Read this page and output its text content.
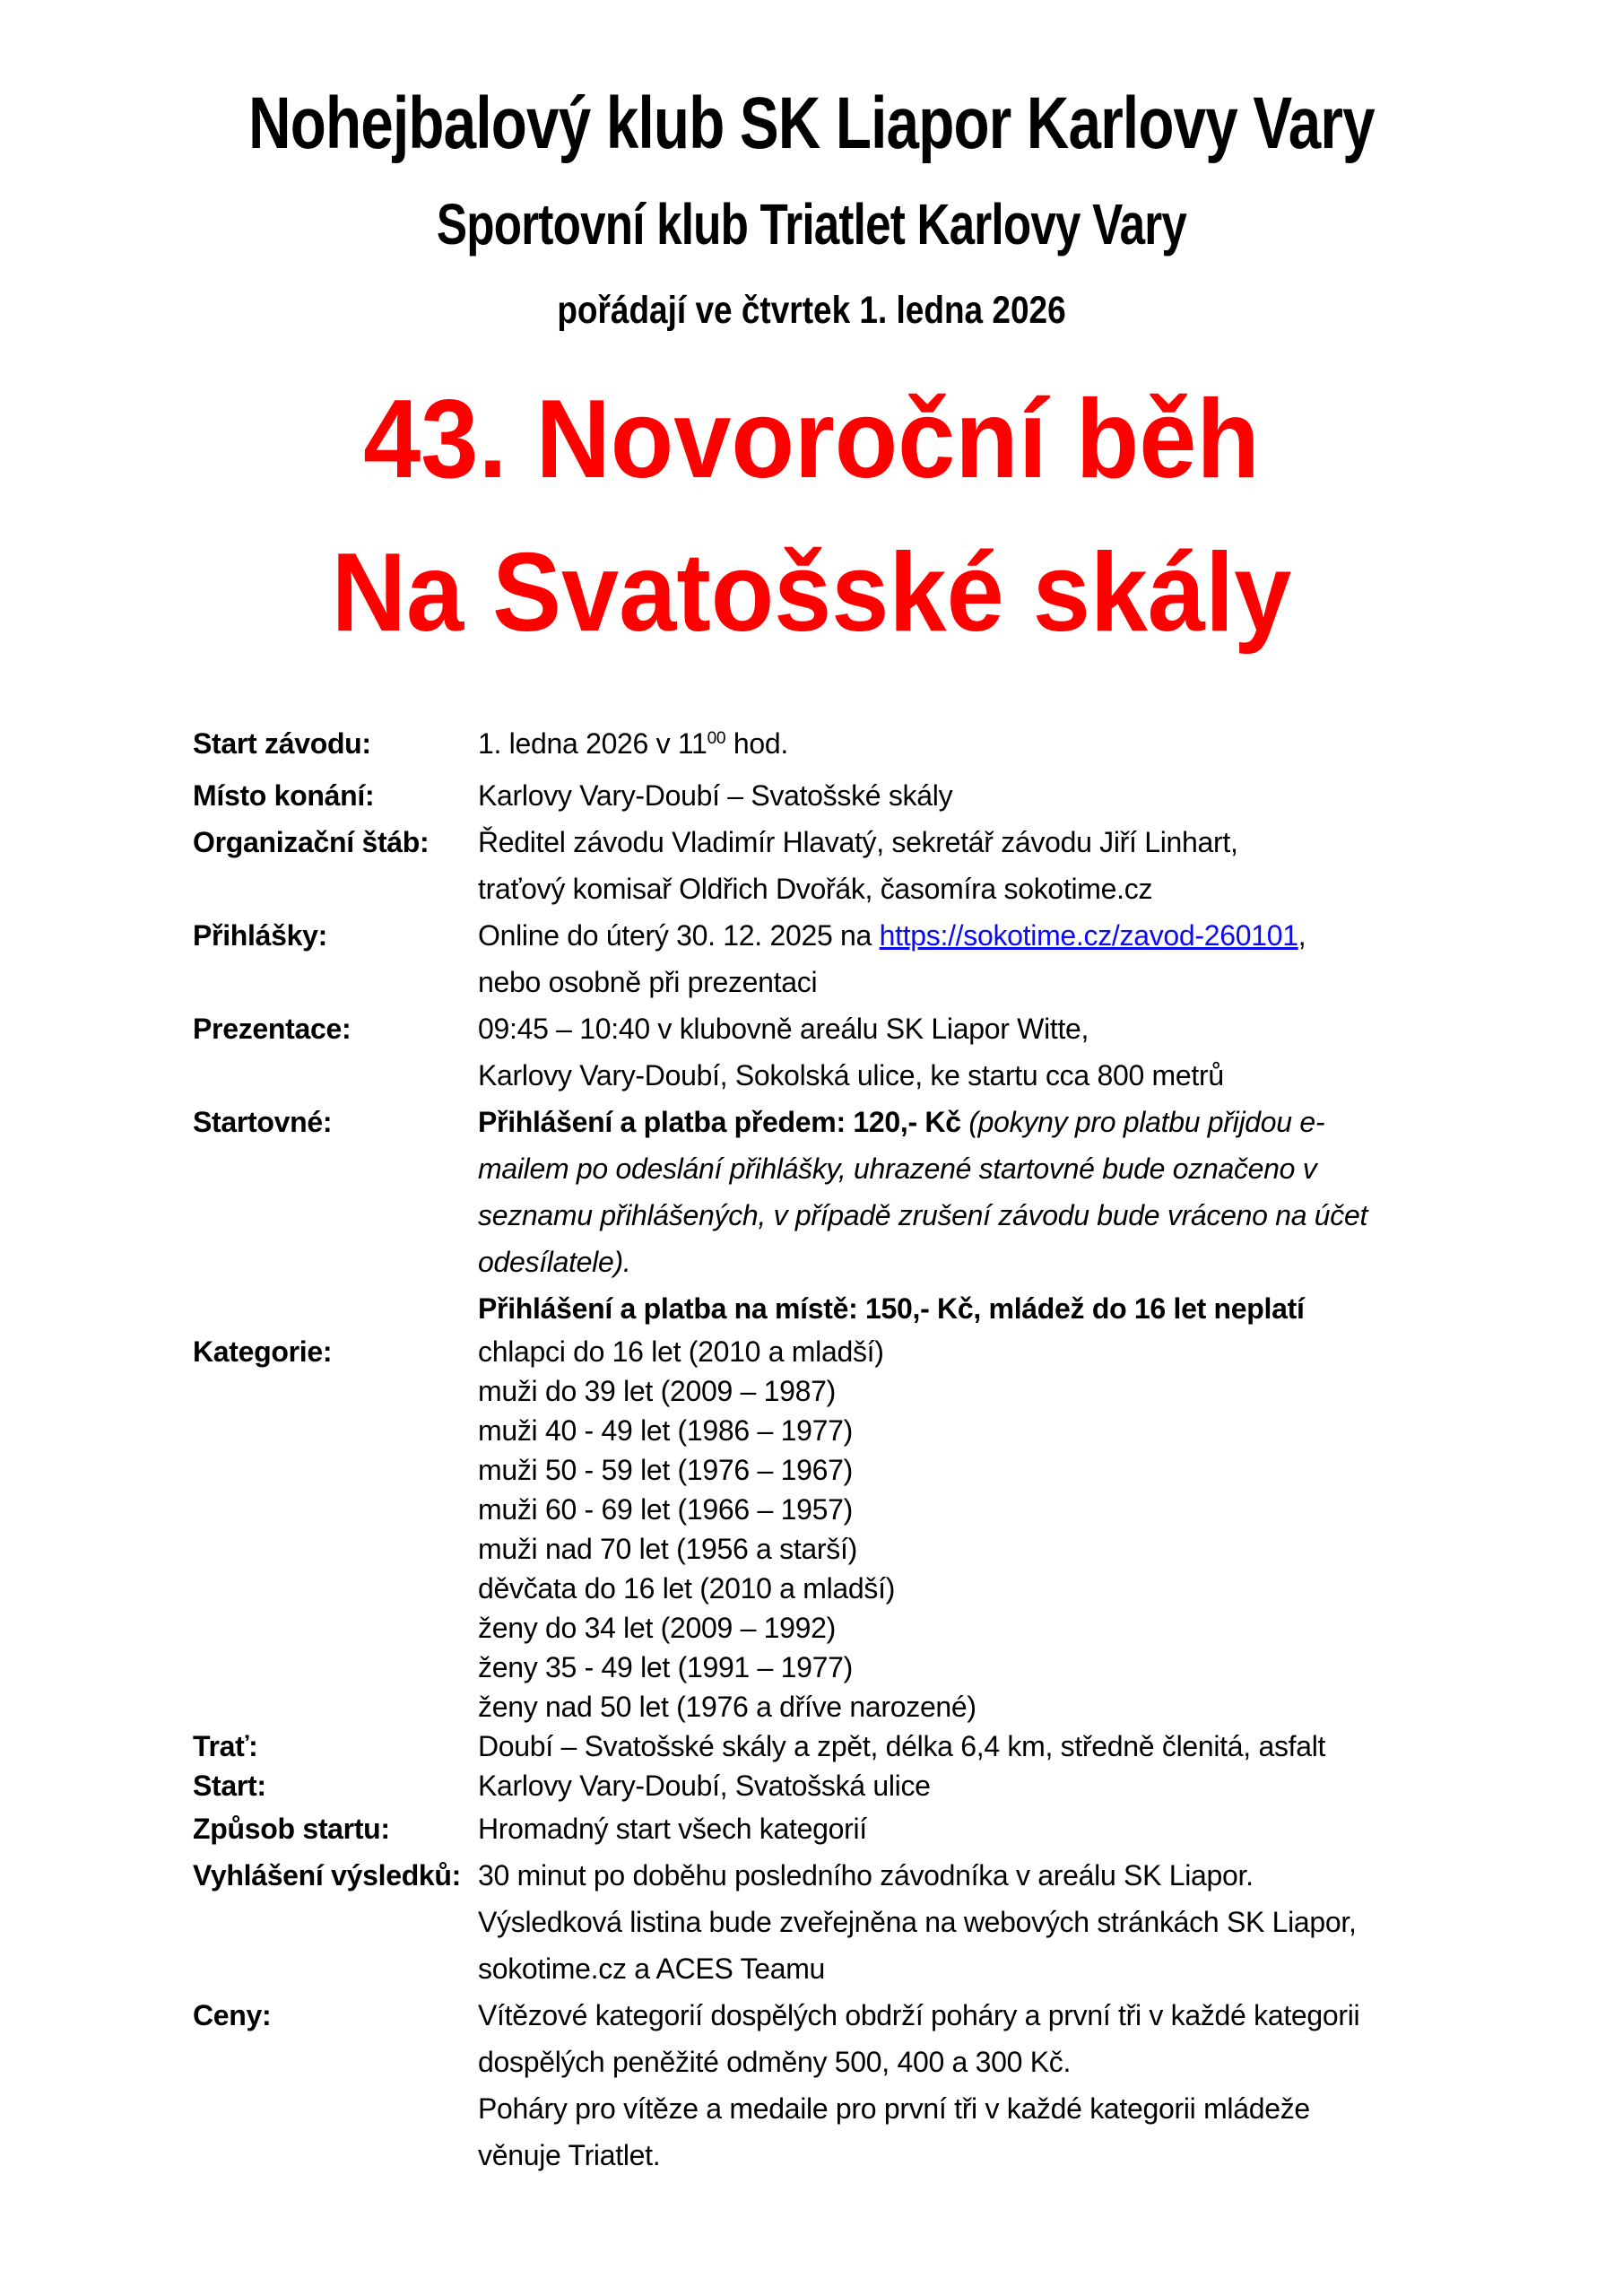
Nohejbalový klub SK Liapor Karlovy Vary
Sportovní klub Triatlet Karlovy Vary
pořádají ve čtvrtek 1. ledna 2026
43. Novoroční běh
Na Svatošské skály
Start závodu:	1. ledna 2026 v $11^{00}$ hod.
Místo konání:	Karlovy Vary-Doubí – Svatošské skály
Organizační štáb:	Ředitel závodu Vladimír Hlavatý, sekretář závodu Jiří Linhart,
traťový komisař Oldřich Dvořák, časomíra sokotime.cz
Přihlášky:	Online do úterý 30. 12. 2025 na https://sokotime.cz/zavod-260101,
nebo osobně při prezentaci
Prezentace:	09:45 – 10:40 v klubovně areálu SK Liapor Witte,
Karlovy Vary-Doubí, Sokolská ulice, ke startu cca 800 metrů
Startovné:	Přihlášení a platba předem: 120,- Kč (pokyny pro platbu přijdou e-
mailem po odeslání přihlášky, uhrazené startovné bude označeno v
seznamu přihlášených, v případě zrušení závodu bude vráceno na účet
odesílatele).
Přihlášení a platba na místě: 150,- Kč, mládež do 16 let neplatí
Kategorie:	chlapci do 16 let (2010 a mladší)
muži do 39 let (2009 – 1987)
muži 40 - 49 let (1986 – 1977)
muži 50 - 59 let (1976 – 1967)
muži 60 - 69 let (1966 – 1957)
muži nad 70 let (1956 a starší)
děvčata do 16 let (2010 a mladší)
ženy do 34 let (2009 – 1992)
ženy 35 - 49 let (1991 – 1977)
ženy nad 50 let (1976 a dříve narozené)
Trať:	Doubí – Svatošské skály a zpět, délka 6,4 km, středně členitá, asfalt
Start:	Karlovy Vary-Doubí, Svatošská ulice
Způsob startu:	Hromadný start všech kategorií
Vyhlášení výsledků: 30 minut po doběhu posledního závodníka v areálu SK Liapor.
Výsledková listina bude zveřejněna na webových stránkách SK Liapor,
sokotime.cz a ACES Teamu
Ceny:	Vítězové kategorií dospělých obdrží poháry a první tři v každé kategorii
dospělých peněžité odměny 500, 400 a 300 Kč.
Poháry pro vítěze a medaile pro první tři v každé kategorii mládeže
věnuje Triatlet.
